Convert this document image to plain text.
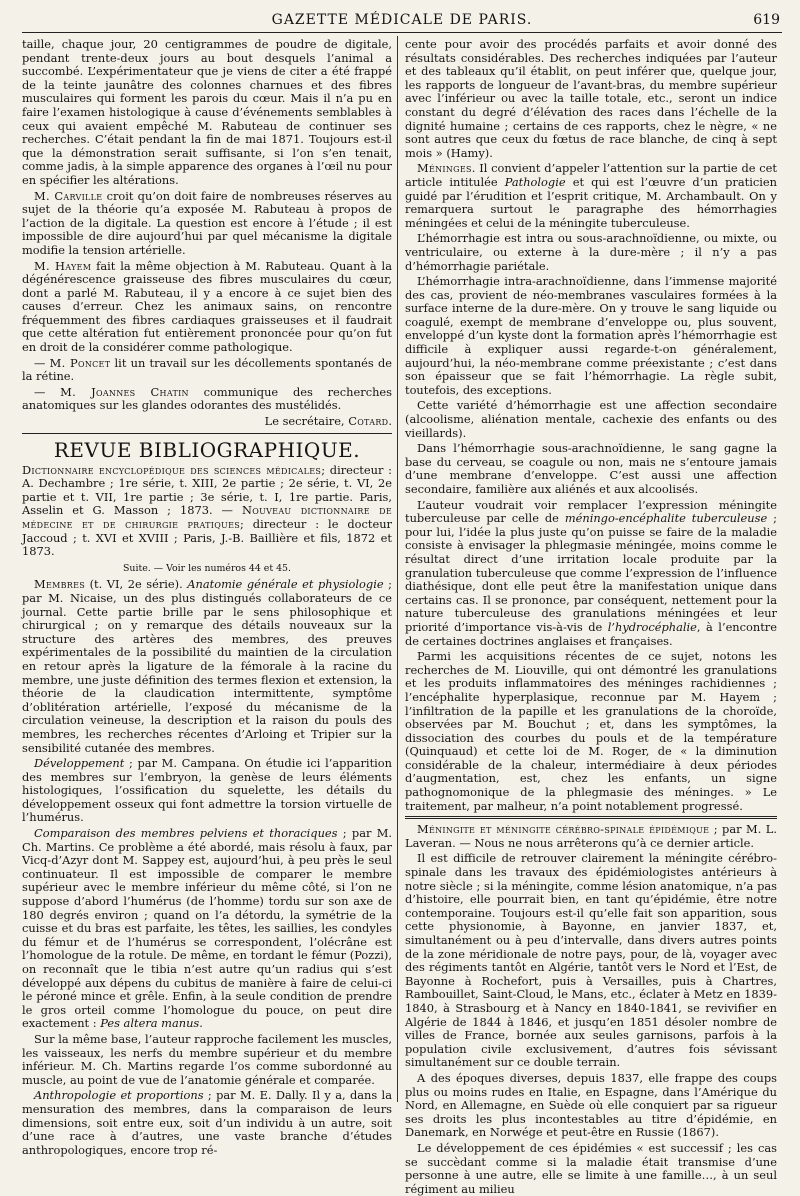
GAZETTE MÉDICALE DE PARIS.	619

taille, chaque jour, 20 centigrammes de poudre de digitale, pendant trente-deux jours au bout desquels l’animal a succombé. L’expérimentateur que je viens de citer a été frappé de la teinte jaunâtre des colonnes charnues et des fibres musculaires qui forment les parois du cœur. Mais il n’a pu en faire l’examen histologique à cause d’événements semblables à ceux qui avaient empêché M. Rabuteau de continuer ses recherches. C’était pendant la fin de mai 1871. Toujours est-il que la démonstration serait suffisante, si l’on s’en tenait, comme jadis, à la simple apparence des organes à l’œil nu pour en spécifier les altérations.

M. Carville croit qu’on doit faire de nombreuses réserves au sujet de la théorie qu’a exposée M. Rabuteau à propos de l’action de la digitale. La question est encore à l’étude ; il est impossible de dire aujourd’hui par quel mécanisme la digitale modifie la tension artérielle.

M. Hayem fait la même objection à M. Rabuteau. Quant à la dégénérescence graisseuse des fibres musculaires du cœur, dont a parlé M. Rabuteau, il y a encore à ce sujet bien des causes d’erreur. Chez les animaux sains, on rencontre fréquemment des fibres cardiaques graisseuses et il faudrait que cette altération fut entièrement prononcée pour qu’on fut en droit de la considérer comme pathologique.

— M. Poncet lit un travail sur les décollements spontanés de la rétine.

— M. Joannes Chatin communique des recherches anatomiques sur les glandes odorantes des mustélidés.

Le secrétaire, Cotard.

REVUE BIBLIOGRAPHIQUE.

Dictionnaire encyclopédique des sciences médicales; directeur : A. Dechambre ; 1re série, t. XIII, 2e partie ; 2e série, t. VI, 2e partie et t. VII, 1re partie ; 3e série, t. I, 1re partie. Paris, Asselin et G. Masson ; 1873. — Nouveau dictionnaire de médecine et de chirurgie pratiques; directeur : le docteur Jaccoud ; t. XVI et XVIII ; Paris, J.-B. Baillière et fils, 1872 et 1873.

Suite. — Voir les numéros 44 et 45.

Membres (t. VI, 2e série). Anatomie générale et physiologie ; par M. Nicaise, un des plus distingués collaborateurs de ce journal. Cette partie brille par le sens philosophique et chirurgical ; on y remarque des détails nouveaux sur la structure des artères des membres, des preuves expérimentales de la possibilité du maintien de la circulation en retour après la ligature de la fémorale à la racine du membre, une juste définition des termes flexion et extension, la théorie de la claudication intermittente, symptôme d’oblitération artérielle, l’exposé du mécanisme de la circulation veineuse, la description et la raison du pouls des membres, les recherches récentes d’Arloing et Tripier sur la sensibilité cutanée des membres.

Développement ; par M. Campana. On étudie ici l’apparition des membres sur l’embryon, la genèse de leurs éléments histologiques, l’ossification du squelette, les détails du développement osseux qui font admettre la torsion virtuelle de l’humérus.

Comparaison des membres pelviens et thoraciques ; par M. Ch. Martins. Ce problème a été abordé, mais résolu à faux, par Vicq-d’Azyr dont M. Sappey est, aujourd’hui, à peu près le seul continuateur. Il est impossible de comparer le membre supérieur avec le membre inférieur du même côté, si l’on ne suppose d’abord l’humérus (de l’homme) tordu sur son axe de 180 degrés environ ; quand on l’a détordu, la symétrie de la cuisse et du bras est parfaite, les têtes, les saillies, les condyles du fémur et de l’humérus se correspondent, l’olécrâne est l’homologue de la rotule. De même, en tordant le fémur (Pozzi), on reconnaît que le tibia n’est autre qu’un radius qui s’est développé aux dépens du cubitus de manière à faire de celui-ci le péroné mince et grêle. Enfin, à la seule condition de prendre le gros orteil comme l’homologue du pouce, on peut dire exactement : Pes altera manus.

Sur la même base, l’auteur rapproche facilement les muscles, les vaisseaux, les nerfs du membre supérieur et du membre inférieur. M. Ch. Martins regarde l’os comme subordonné au muscle, au point de vue de l’anatomie générale et comparée.

Anthropologie et proportions ; par M. E. Dally. Il y a, dans la mensuration des membres, dans la comparaison de leurs dimensions, soit entre eux, soit d’un individu à un autre, soit d’une race à d’autres, une vaste branche d’études anthropologiques, encore trop ré-

cente pour avoir des procédés parfaits et avoir donné des résultats considérables. Des recherches indiquées par l’auteur et des tableaux qu’il établit, on peut inférer que, quelque jour, les rapports de longueur de l’avant-bras, du membre supérieur avec l’inférieur ou avec la taille totale, etc., seront un indice constant du degré d’élévation des races dans l’échelle de la dignité humaine ; certains de ces rapports, chez le nègre, « ne sont autres que ceux du fœtus de race blanche, de cinq à sept mois » (Hamy).

Méninges. Il convient d’appeler l’attention sur la partie de cet article intitulée Pathologie et qui est l’œuvre d’un praticien guidé par l’érudition et l’esprit critique, M. Archambault. On y remarquera surtout le paragraphe des hémorrhagies méningées et celui de la méningite tuberculeuse.

L’hémorrhagie est intra ou sous-arachnoïdienne, ou mixte, ou ventriculaire, ou externe à la dure-mère ; il n’y a pas d’hémorrhagie pariétale.

L’hémorrhagie intra-arachnoïdienne, dans l’immense majorité des cas, provient de néo-membranes vasculaires formées à la surface interne de la dure-mère. On y trouve le sang liquide ou coagulé, exempt de membrane d’enveloppe ou, plus souvent, enveloppé d’un kyste dont la formation après l’hémorrhagie est difficile à expliquer aussi regarde-t-on généralement, aujourd’hui, la néo-membrane comme préexistante ; c’est dans son épaisseur que se fait l’hémorrhagie. La règle subit, toutefois, des exceptions.

Cette variété d’hémorrhagie est une affection secondaire (alcoolisme, aliénation mentale, cachexie des enfants ou des vieillards).

Dans l’hémorrhagie sous-arachnoïdienne, le sang gagne la base du cerveau, se coagule ou non, mais ne s’entoure jamais d’une membrane d’enveloppe. C’est aussi une affection secondaire, familière aux aliénés et aux alcoolisés.

L’auteur voudrait voir remplacer l’expression méningite tuberculeuse par celle de méningo-encéphalite tuberculeuse ; pour lui, l’idée la plus juste qu’on puisse se faire de la maladie consiste à envisager la phlegmasie méningée, moins comme le résultat direct d’une irritation locale produite par la granulation tuberculeuse que comme l’expression de l’influence diathésique, dont elle peut être la manifestation unique dans certains cas. Il se prononce, par conséquent, nettement pour la nature tuberculeuse des granulations méningées et leur priorité d’importance vis-à-vis de l’hydrocéphalie, à l’encontre de certaines doctrines anglaises et françaises.

Parmi les acquisitions récentes de ce sujet, notons les recherches de M. Liouville, qui ont démontré les granulations et les produits inflammatoires des méninges rachidiennes ; l’encéphalite hyperplasique, reconnue par M. Hayem ; l’infiltration de la papille et les granulations de la choroïde, observées par M. Bouchut ; et, dans les symptômes, la dissociation des courbes du pouls et de la température (Quinquaud) et cette loi de M. Roger, de « la diminution considérable de la chaleur, intermédiaire à deux périodes d’augmentation, est, chez les enfants, un signe pathognomonique de la phlegmasie des méninges. » Le traitement, par malheur, n’a point notablement progressé.

Méningite et méningite cérébro-spinale épidémique ; par M. L. Laveran. — Nous ne nous arrêterons qu’à ce dernier article.

Il est difficile de retrouver clairement la méningite cérébro-spinale dans les travaux des épidémiologistes antérieurs à notre siècle ; si la méningite, comme lésion anatomique, n’a pas d’histoire, elle pourrait bien, en tant qu’épidémie, être notre contemporaine. Toujours est-il qu’elle fait son apparition, sous cette physionomie, à Bayonne, en janvier 1837, et, simultanément ou à peu d’intervalle, dans divers autres points de la zone méridionale de notre pays, pour, de là, voyager avec des régiments tantôt en Algérie, tantôt vers le Nord et l’Est, de Bayonne à Rochefort, puis à Versailles, puis à Chartres, Rambouillet, Saint-Cloud, le Mans, etc., éclater à Metz en 1839-1840, à Strasbourg et à Nancy en 1840-1841, se revivifier en Algérie de 1844 à 1846, et jusqu’en 1851 désoler nombre de villes de France, bornée aux seules garnisons, parfois à la population civile exclusivement, d’autres fois sévissant simultanément sur ce double terrain.

A des époques diverses, depuis 1837, elle frappe des coups plus ou moins rudes en Italie, en Espagne, dans l’Amérique du Nord, en Allemagne, en Suède où elle conquiert par sa rigueur ses droits les plus incontestables au titre d’épidémie, en Danemark, en Norwége et peut-être en Russie (1867).

Le développement de ces épidémies « est successif ; les cas se succèdant comme si la maladie était transmise d’une personne à une autre, elle se limite à une famille…, à un seul régiment au milieu
